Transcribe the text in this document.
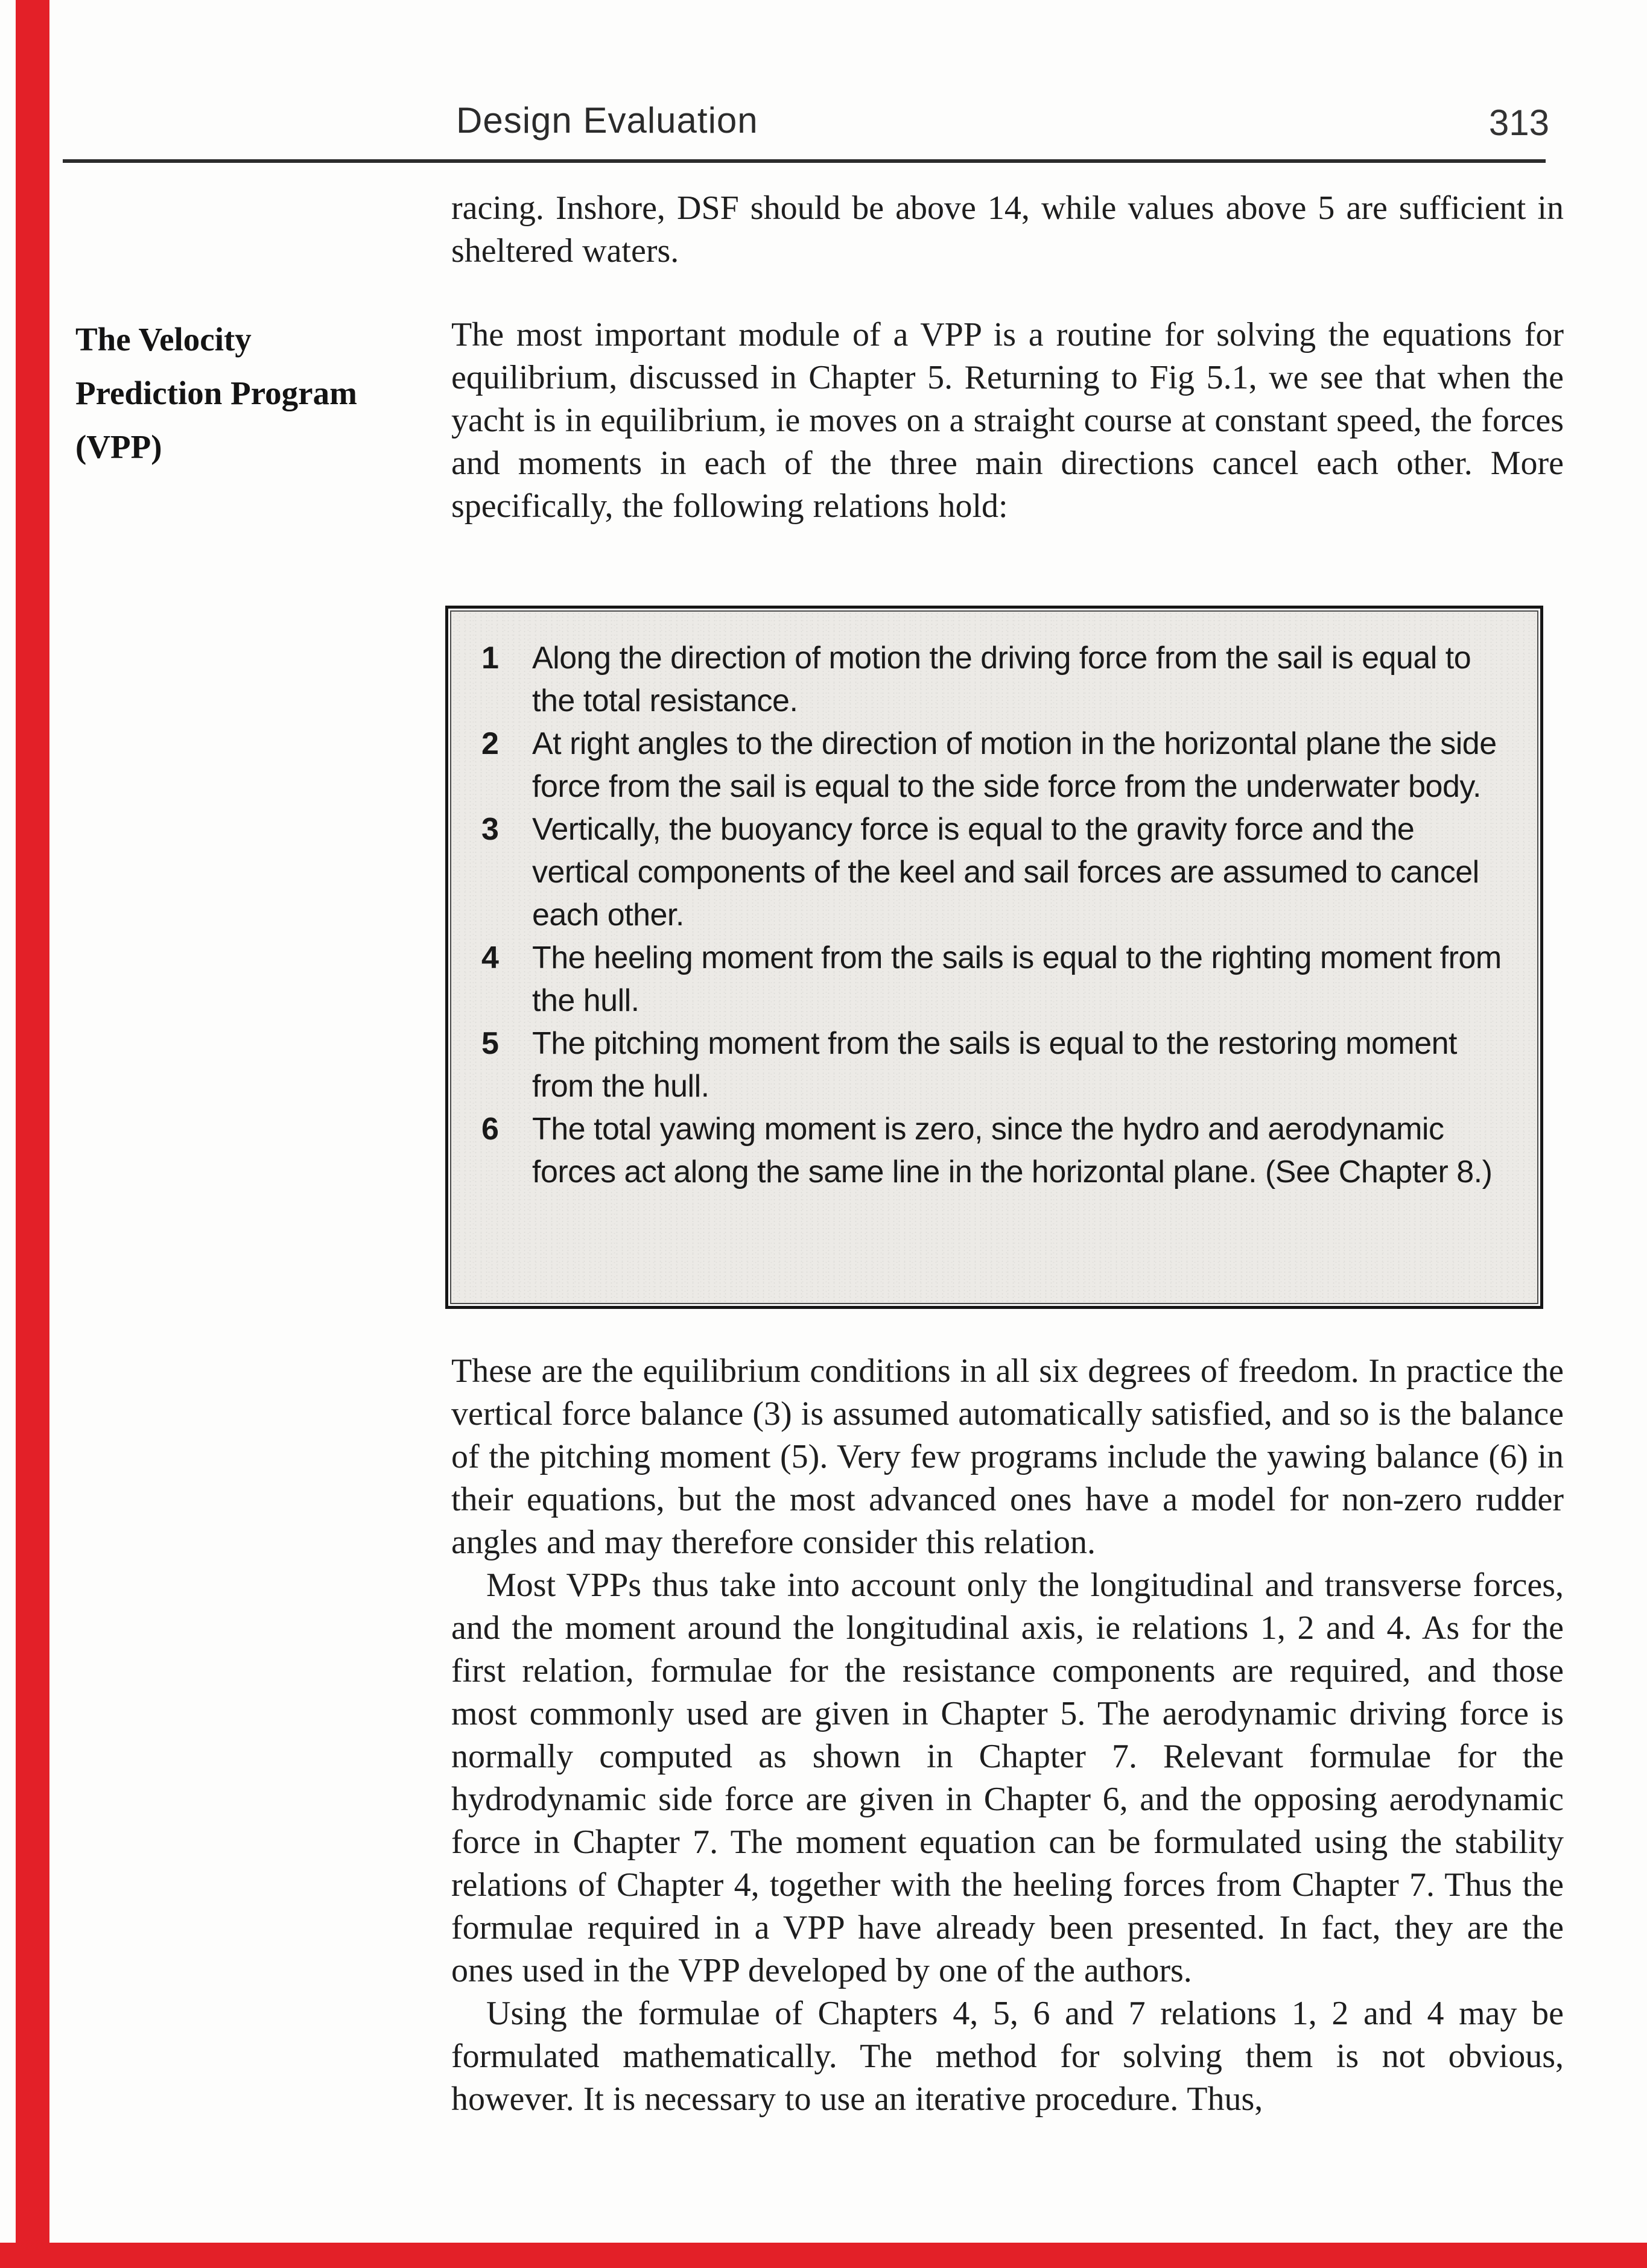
Design Evaluation	313
racing. Inshore, DSF should be above 14, while values above 5 are sufficient in sheltered waters.
The Velocity
Prediction Program
(VPP)
The most important module of a VPP is a routine for solving the equations for equilibrium, discussed in Chapter 5. Returning to Fig 5.1, we see that when the yacht is in equilibrium, ie moves on a straight course at constant speed, the forces and moments in each of the three main directions cancel each other. More specifically, the following relations hold:
1	Along the direction of motion the driving force from the sail is equal to the total resistance.
2	At right angles to the direction of motion in the horizontal plane the side force from the sail is equal to the side force from the underwater body.
3	Vertically, the buoyancy force is equal to the gravity force and the vertical components of the keel and sail forces are assumed to cancel each other.
4	The heeling moment from the sails is equal to the righting moment from the hull.
5	The pitching moment from the sails is equal to the restoring moment from the hull.
6	The total yawing moment is zero, since the hydro and aerodynamic forces act along the same line in the horizontal plane. (See Chapter 8.)

These are the equilibrium conditions in all six degrees of freedom. In practice the vertical force balance (3) is assumed automatically satisfied, and so is the balance of the pitching moment (5). Very few programs include the yawing balance (6) in their equations, but the most advanced ones have a model for non-zero rudder angles and may therefore consider this relation.

Most VPPs thus take into account only the longitudinal and transverse forces, and the moment around the longitudinal axis, ie relations 1, 2 and 4. As for the first relation, formulae for the resistance components are required, and those most commonly used are given in Chapter 5. The aerodynamic driving force is normally computed as shown in Chapter 7. Relevant formulae for the hydrodynamic side force are given in Chapter 6, and the opposing aerodynamic force in Chapter 7. The moment equation can be formulated using the stability relations of Chapter 4, together with the heeling forces from Chapter 7. Thus the formulae required in a VPP have already been presented. In fact, they are the ones used in the VPP developed by one of the authors.

Using the formulae of Chapters 4, 5, 6 and 7 relations 1, 2 and 4 may be formulated mathematically. The method for solving them is not obvious, however. It is necessary to use an iterative procedure. Thus,
